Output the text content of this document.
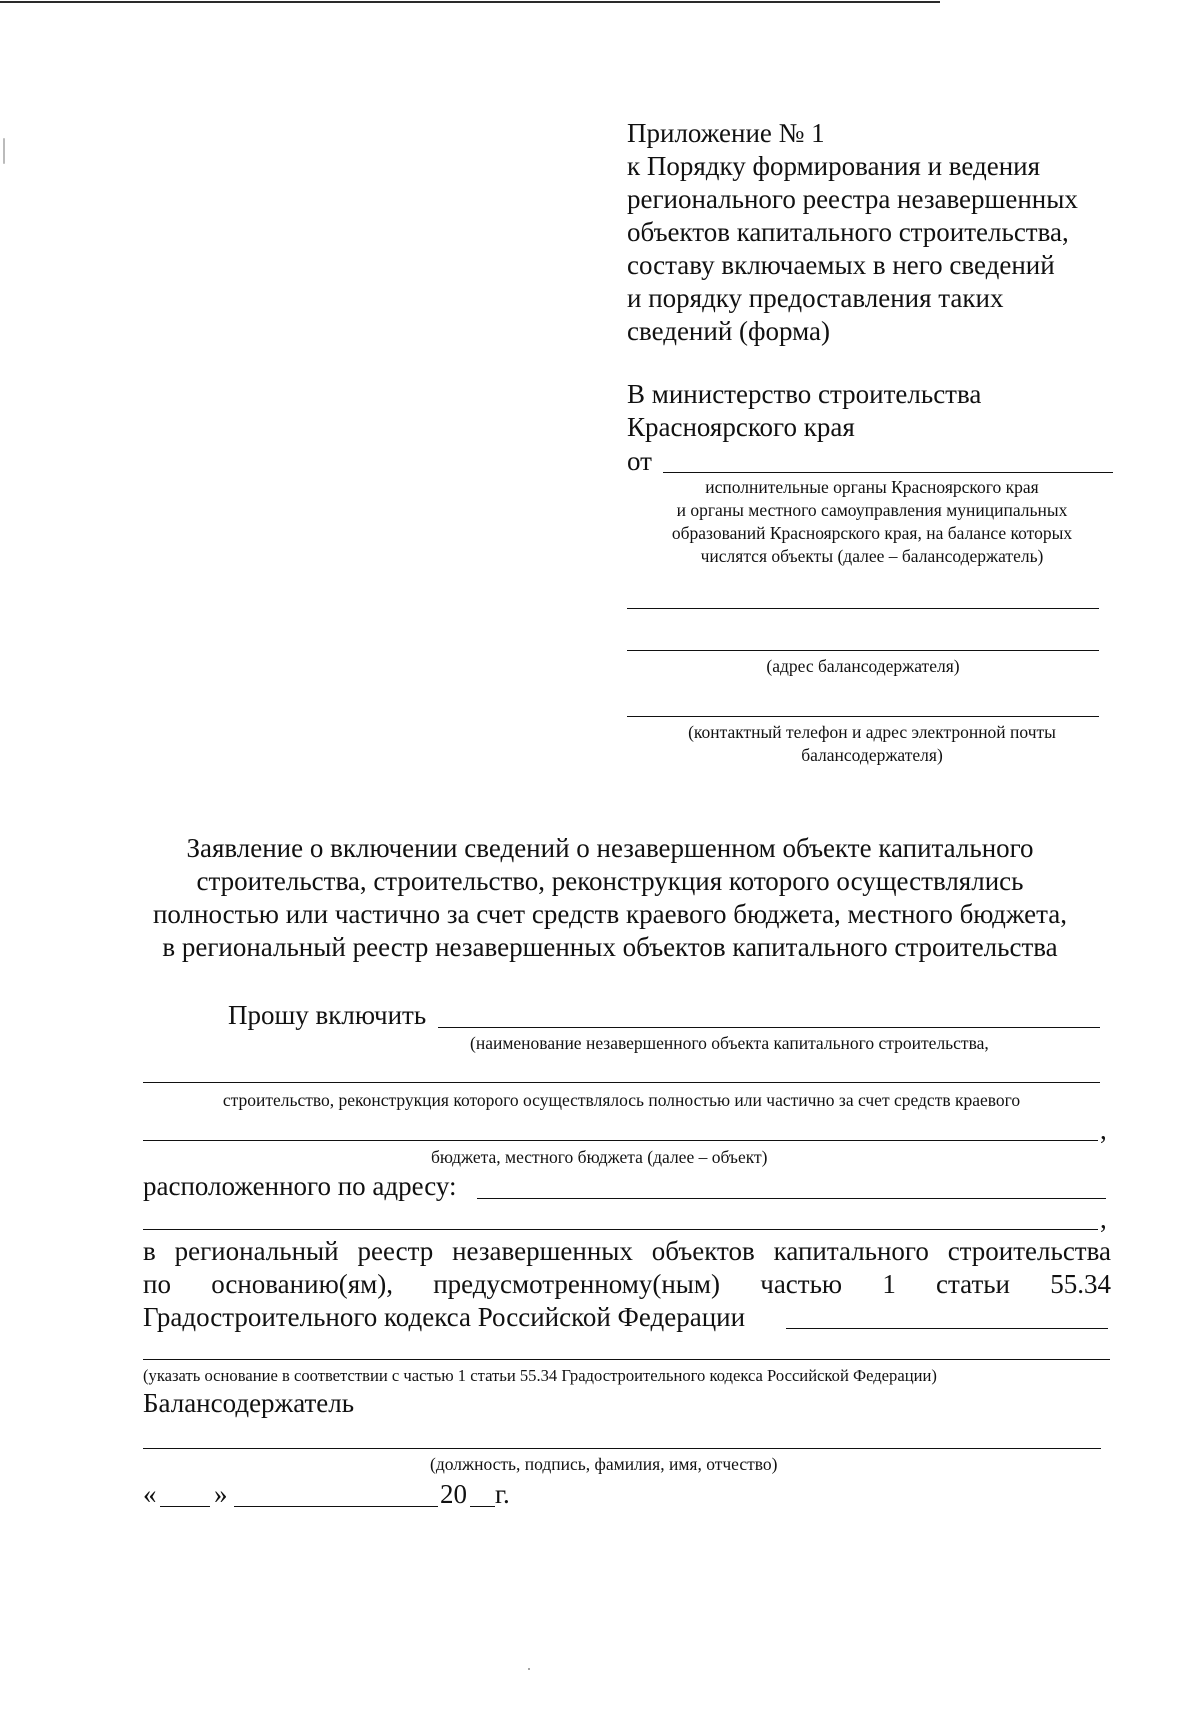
Приложение № 1
к Порядку формирования и ведения
регионального реестра незавершенных
объектов капитального строительства,
составу включаемых в него сведений
и порядку предоставления таких
сведений (форма)
В министерство строительства
Красноярского края
от
исполнительные органы Красноярского края
и органы местного самоуправления муниципальных
образований Красноярского края, на балансе которых
числятся объекты (далее – балансодержатель)
(адрес балансодержателя)
(контактный телефон и адрес электронной почты
балансодержателя)
Заявление о включении сведений о незавершенном объекте капитального
строительства, строительство, реконструкция которого осуществлялись
полностью или частично за счет средств краевого бюджета, местного бюджета,
в региональный реестр незавершенных объектов капитального строительства
Прошу включить
(наименование незавершенного объекта капитального строительства,
строительство, реконструкция которого осуществлялось полностью или частично за счет средств краевого
,
бюджета, местного бюджета (далее – объект)
расположенного по адресу:
,
в региональный реестр незавершенных объектов капитального строительства
по основанию(ям), предусмотренному(ным) частью 1 статьи 55.34
Градостроительного кодекса Российской Федерации
(указать основание в соответствии с частью 1 статьи 55.34 Градостроительного кодекса Российской Федерации)
Балансодержатель
(должность, подпись, фамилия, имя, отчество)
« »	20 г.
